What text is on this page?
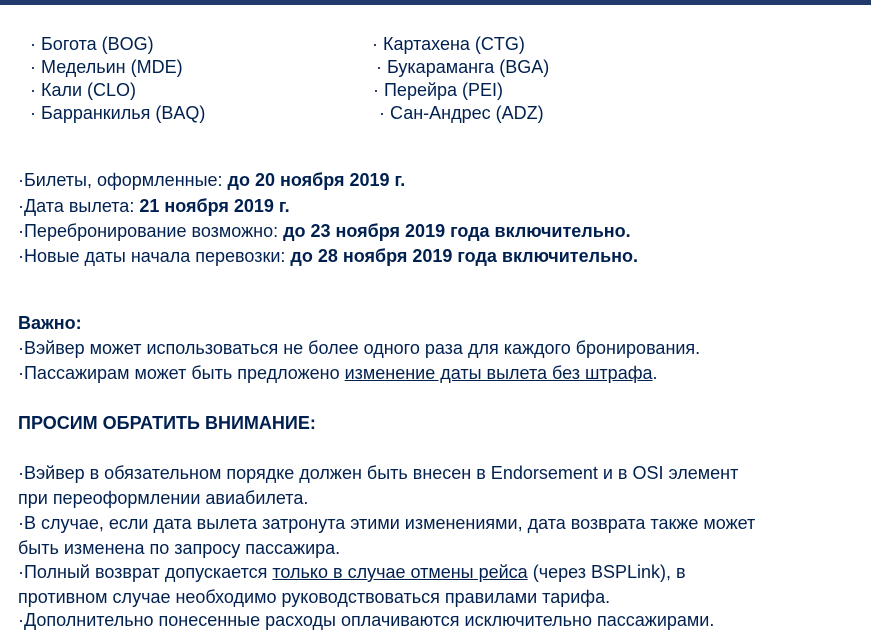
· Богота (BOG)
· Медельин (MDE)
· Кали (CLO)
· Барранкилья (BAQ)
· Картахена (CTG)
· Букараманга (BGA)
· Перейра (PEI)
· Сан-Андрес (ADZ)
·Билеты, оформленные: до 20 ноября 2019 г.
·Дата вылета: 21 ноября 2019 г.
·Перебронирование возможно: до 23 ноября 2019 года включительно.
·Новые даты начала перевозки: до 28 ноября 2019 года включительно.
Важно:
·Вэйвер может использоваться не более одного раза для каждого бронирования.
·Пассажирам может быть предложено изменение даты вылета без штрафа.
ПРОСИМ ОБРАТИТЬ ВНИМАНИЕ:
·Вэйвер в обязательном порядке должен быть внесен в Endorsement и в OSI элемент
при переоформлении авиабилета.
·В случае, если дата вылета затронута этими изменениями, дата возврата также может
быть изменена по запросу пассажира.
·Полный возврат допускается только в случае отмены рейса (через BSPLink), в
противном случае необходимо руководствоваться правилами тарифа.
·Дополнительно понесенные расходы оплачиваются исключительно пассажирами.
